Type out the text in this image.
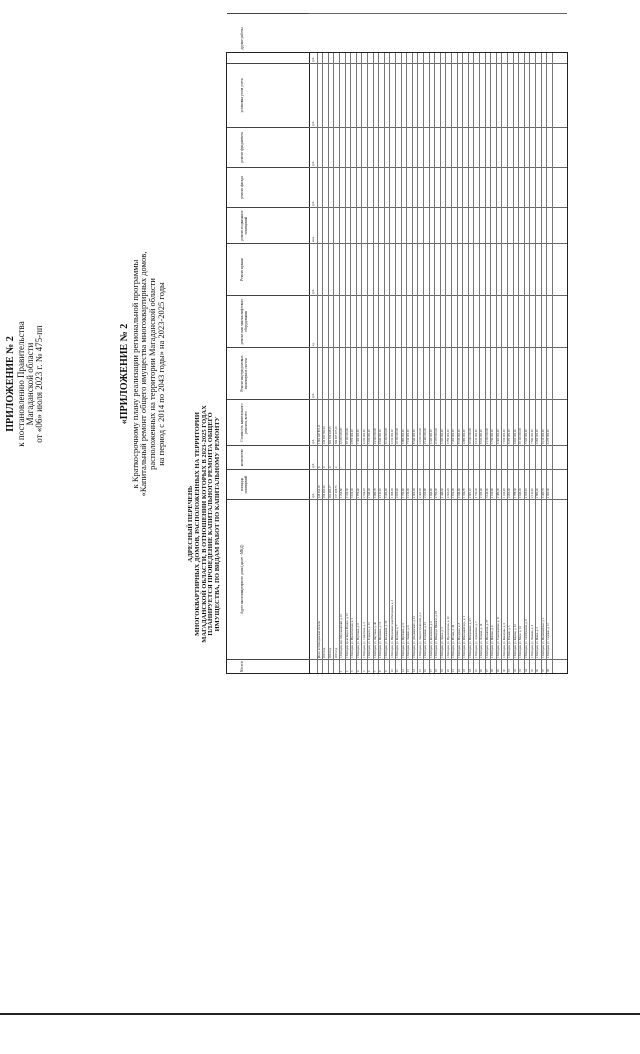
ПРИЛОЖЕНИЕ № 2 к постановлению Правительства Магаданской области от «06» июля 2023 г. № 475-пп	«ПРИЛОЖЕНИЕ № 2 к Краткосрочному плану реализации региональной программы
«Капитальный ремонт общего имущества многоквартирных домов,
расположенных на территории Магаданской области
на период с 2014 по 2043 годы» на 2023-2025 годы
АДРЕСНЫЙ ПЕРЕЧЕНЬ МНОГОКВАРТИРНЫХ ДОМОВ, РАСПОЛОЖЕННЫХ НА ТЕРРИТОРИИ МАГАДАНСКОЙ ОБЛАСТИ, В ОТНОШЕНИИ КОТОРЫХ В 2023-2025 ГОДАХ ПЛАНИРУЕТСЯ ПРОВЕДЕНИЕ КАПИТАЛЬНОГО РЕМОНТА ОБЩЕГО ИМУЩЕСТВА, ПО ВИДАМ РАБОТ ПО КАПИТАЛЬНОМУ РЕМОНТУ
N/п п/п
Адрес многоквартирного дома (далее - МКД)
площадь помещений
количество
Стоимость капитального ремонта, всего
Ремонт внутридомовых инженерных систем
ремонт или замена лифтового оборудования
Ремонт крыши
ремонт подвальных помещений
ремонт фасада
ремонт фундамента
установка узлов учета
другие работы
руб.
руб.
руб.
руб.
ед.
руб.
кв.м
руб.
руб.
руб.
руб.
Итого по Магаданской области
618 456,18
8
1 802 447 801,11
2023 год
258 965,26
4
615 091 765,30
2024 год
202 482,17
4
602 359 028,55
2025 год
157 008,75
4
584 997 007,26
1
г. Магадан, пер. Марчеканский, д. 10
1 250,80
12 850 000,00
2
г. Магадан, пр-кт Карла Маркса, д. 12
2 410,30
18 120 000,00
3
г. Магадан, ул. Пролетарская, д. 2
3 102,00
9 870 000,00
4
г. Магадан, ул. Портовая, д. 8
1 876,40
7 450 000,00
5
г. Магадан, ул. Советская, д. 5
2 034,10
6 230 000,00
6
г. Магадан, ул. Горького, д. 13
1 540,00
5 910 000,00
7
г. Магадан, ул. Якутская, д. 46
2 980,70
14 500 000,00
8
г. Магадан, ул. Парковая, д. 11
2 110,20
8 640 000,00
9
г. Магадан, ул. Кольцевая, д. 33
3 455,90
11 200 000,00
10
г. Магадан, ул. Набережная реки Магаданки, д. 5
1 998,00
9 010 000,00
11
г. Магадан, ул. Берзина, д. 7
2 650,40
10 330 000,00
12
г. Магадан, ул. Пушкина, д. 9
1 730,60
6 880 000,00
13
г. Магадан, ул. Ленина, д. 4
2 210,00
7 120 000,00
14
г. Магадан, ул. Дзержинского, д. 12
1 905,30
8 540 000,00
15
г. Магадан, ул. Энергостроителей, д. 2
2 460,00
12 030 000,00
16
г. Магадан, ул. Гагарина, д. 21
3 020,80
15 400 000,00
17
г. Магадан, ул. Колымская, д. 6
1 664,90
6 410 000,00
18
г. Магадан, ул. Шандора Шимича, д. 18
2 790,00
11 870 000,00
19
г. Магадан, ул. Лукса, д. 3
1 440,50
5 330 000,00
20
г. Магадан, ул. Пролетарская, д. 29
2 560,20
9 780 000,00
21
г. Магадан, ул. Речная, д. 49
1 812,00
7 260 000,00
22
г. Магадан, ул. Полярная, д. 8
2 044,60
8 015 000,00
23
г. Магадан, ул. Школьный пер., д. 1
1 356,70
4 980 000,00
24
г. Магадан, ул. Набережная, д. 63
2 901,10
10 640 000,00
25
г. Магадан, ул. Арманская, д. 7
1 720,00
6 120 000,00
26
г. Магадан, ул. Зеленая, д. 16
2 335,40
8 910 000,00
27
г. Магадан, ул. Нагаевская, д. 37
3 140,00
13 250 000,00
28
г. Магадан, ул. Попова, д. 4
1 612,80
5 740 000,00
29
г. Магадан, ул. Транспортная, д. 11
2 480,00
9 360 000,00
30
г. Магадан, ул. Коммуны, д. 2
1 910,20
7 030 000,00
31
г. Магадан, ул. Южная, д. 5
2 205,00
8 470 000,00
32
г. Магадан, ул. Кирова, д. 22
1 788,30
6 650 000,00
33
г. Магадан, ул. Мира, д. 14
2 640,00
10 120 000,00
34
г. Магадан, ул. Октябрьская, д. 9
1 530,10
5 520 000,00
35
г. Магадан, ул. Чапаева, д. 6
2 110,40
7 840 000,00
36
г. Магадан, ул. Новая, д. 3
1 880,00
6 990 000,00
37
г. Магадан, ул. Первомайская, д. 1
2 450,70
9 150 000,00
38
г. Магадан, ул. Садовая, д. 12
1 690,00
6 270 000,00
